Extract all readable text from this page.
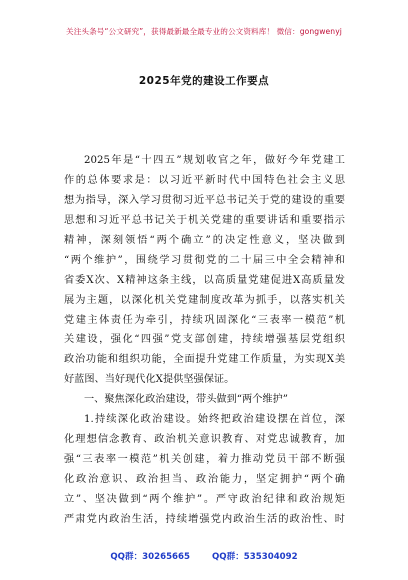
关注头条号“公文研究”，获得最新最全最专业的公文资料库！ 微信：gongwenyj
2025年党的建设工作要点
2025年是“十四五”规划收官之年，做好今年党建工
作的总体要求是：以习近平新时代中国特色社会主义思
想为指导，深入学习贯彻习近平总书记关于党的建设的重要
思想和习近平总书记关于机关党建的重要讲话和重要指示
精神，深刻领悟“两个确立”的决定性意义，坚决做到
“两个维护”，围绕学习贯彻党的二十届三中全会精神和
省委X次、X精神这条主线，以高质量党建促进X高质量发
展为主题，以深化机关党建制度改革为抓手，以落实机关
党建主体责任为牵引，持续巩固深化“三表率一模范”机
关建设，强化“四强”党支部创建，持续增强基层党组织
政治功能和组织功能，全面提升党建工作质量，为实现X美
好蓝图、当好现代化X提供坚强保证。
一、聚焦深化政治建设，带头做到“两个维护”
1.持续深化政治建设。始终把政治建设摆在首位，深
化理想信念教育、政治机关意识教育、对党忠诚教育，加
强“三表率一模范”机关创建，着力推动党员干部不断强
化政治意识、政治担当、政治能力，坚定拥护“两个确
立”、坚决做到“两个维护”。严守政治纪律和政治规矩
严肃党内政治生活，持续增强党内政治生活的政治性、时
QQ群：30265665	QQ群：535304092
